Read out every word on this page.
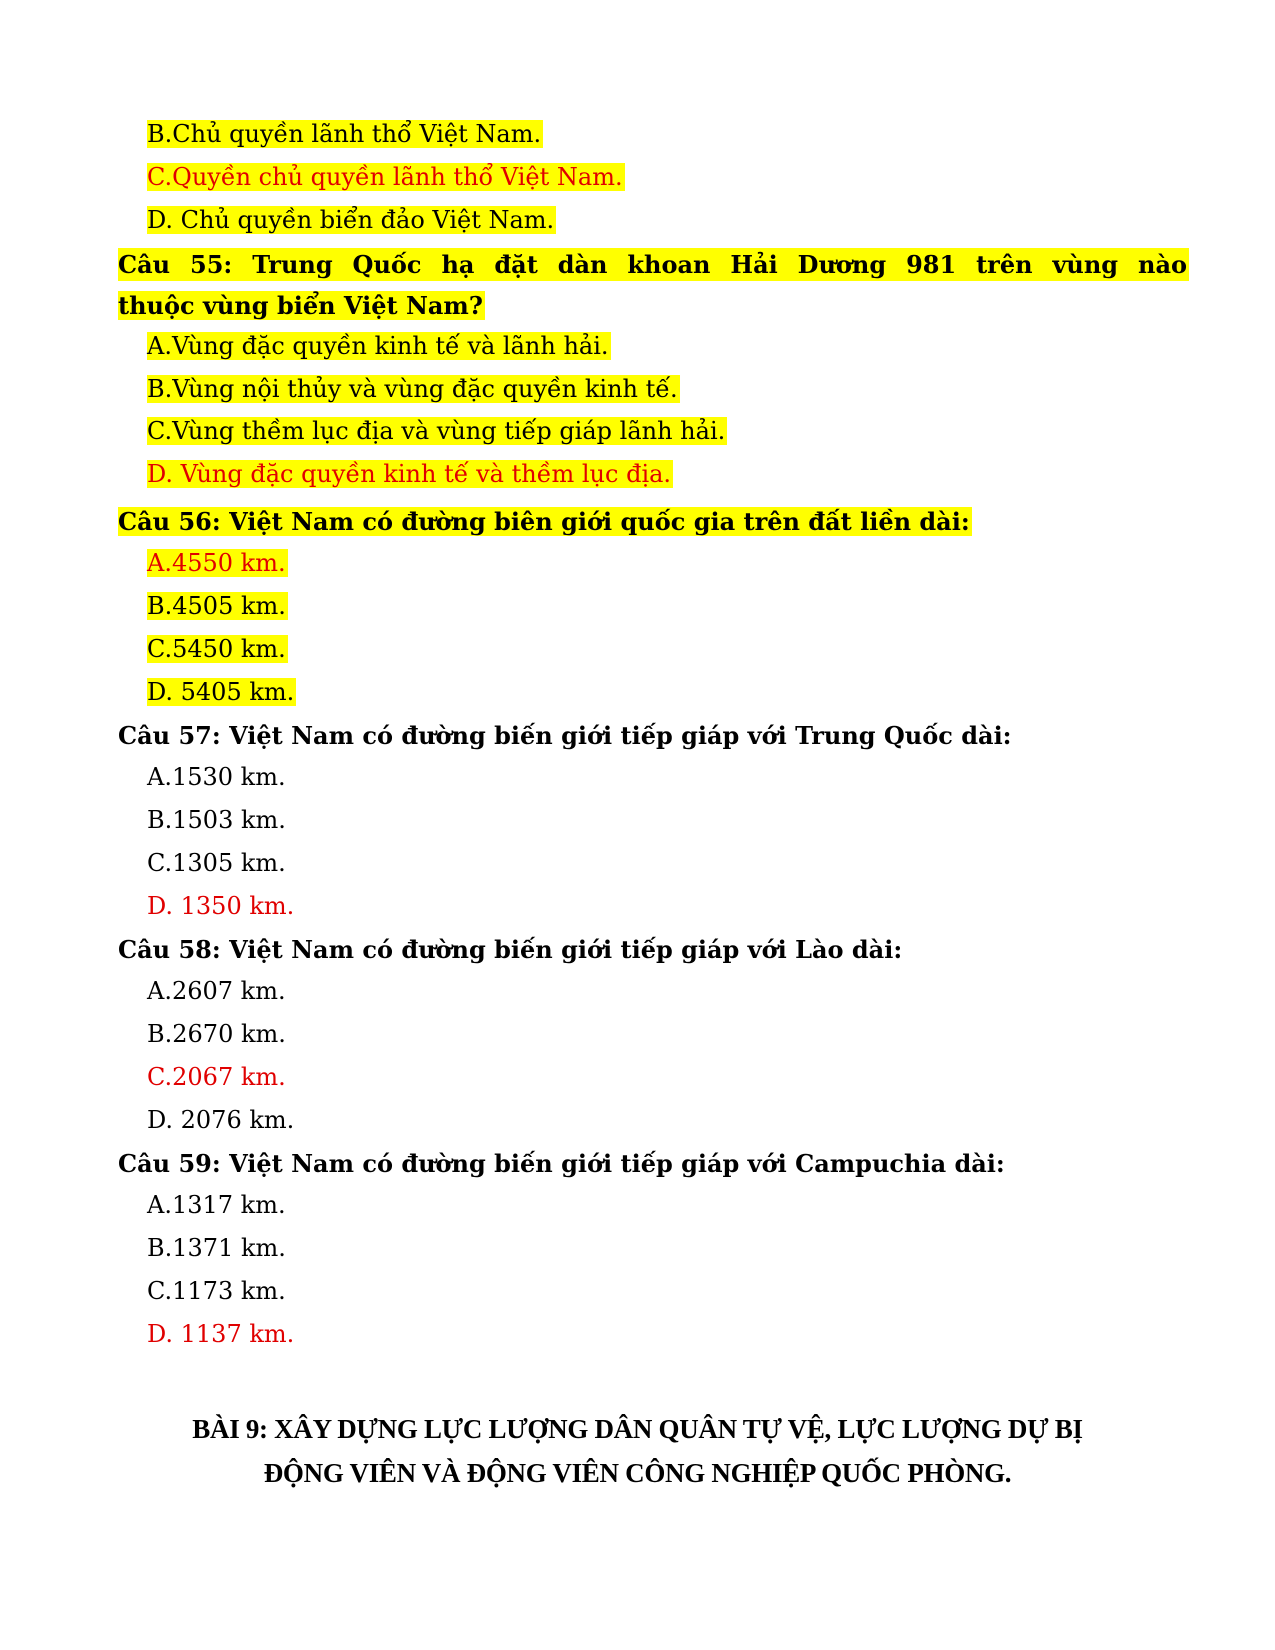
B.Chủ quyền lãnh thổ Việt Nam.
C.Quyền chủ quyền lãnh thổ Việt Nam.
D. Chủ quyền biển đảo Việt Nam.
Câu 55: Trung Quốc hạ đặt dàn khoan Hải Dương 981 trên vùng nào
thuộc vùng biển Việt Nam?
A.Vùng đặc quyền kinh tế và lãnh hải.
B.Vùng nội thủy và vùng đặc quyền kinh tế.
C.Vùng thềm lục địa và vùng tiếp giáp lãnh hải.
D. Vùng đặc quyền kinh tế và thềm lục địa.
Câu 56: Việt Nam có đường biên giới quốc gia trên đất liền dài:
A.4550 km.
B.4505 km.
C.5450 km.
D. 5405 km.
Câu 57: Việt Nam có đường biến giới tiếp giáp với Trung Quốc dài:
A.1530 km.
B.1503 km.
C.1305 km.
D. 1350 km.
Câu 58: Việt Nam có đường biến giới tiếp giáp với Lào dài:
A.2607 km.
B.2670 km.
C.2067 km.
D. 2076 km.
Câu 59: Việt Nam có đường biến giới tiếp giáp với Campuchia dài:
A.1317 km.
B.1371 km.
C.1173 km.
D. 1137 km.
BÀI 9: XÂY DỰNG LỰC LƯỢNG DÂN QUÂN TỰ VỆ, LỰC LƯỢNG DỰ BỊ
ĐỘNG VIÊN VÀ ĐỘNG VIÊN CÔNG NGHIỆP QUỐC PHÒNG.
